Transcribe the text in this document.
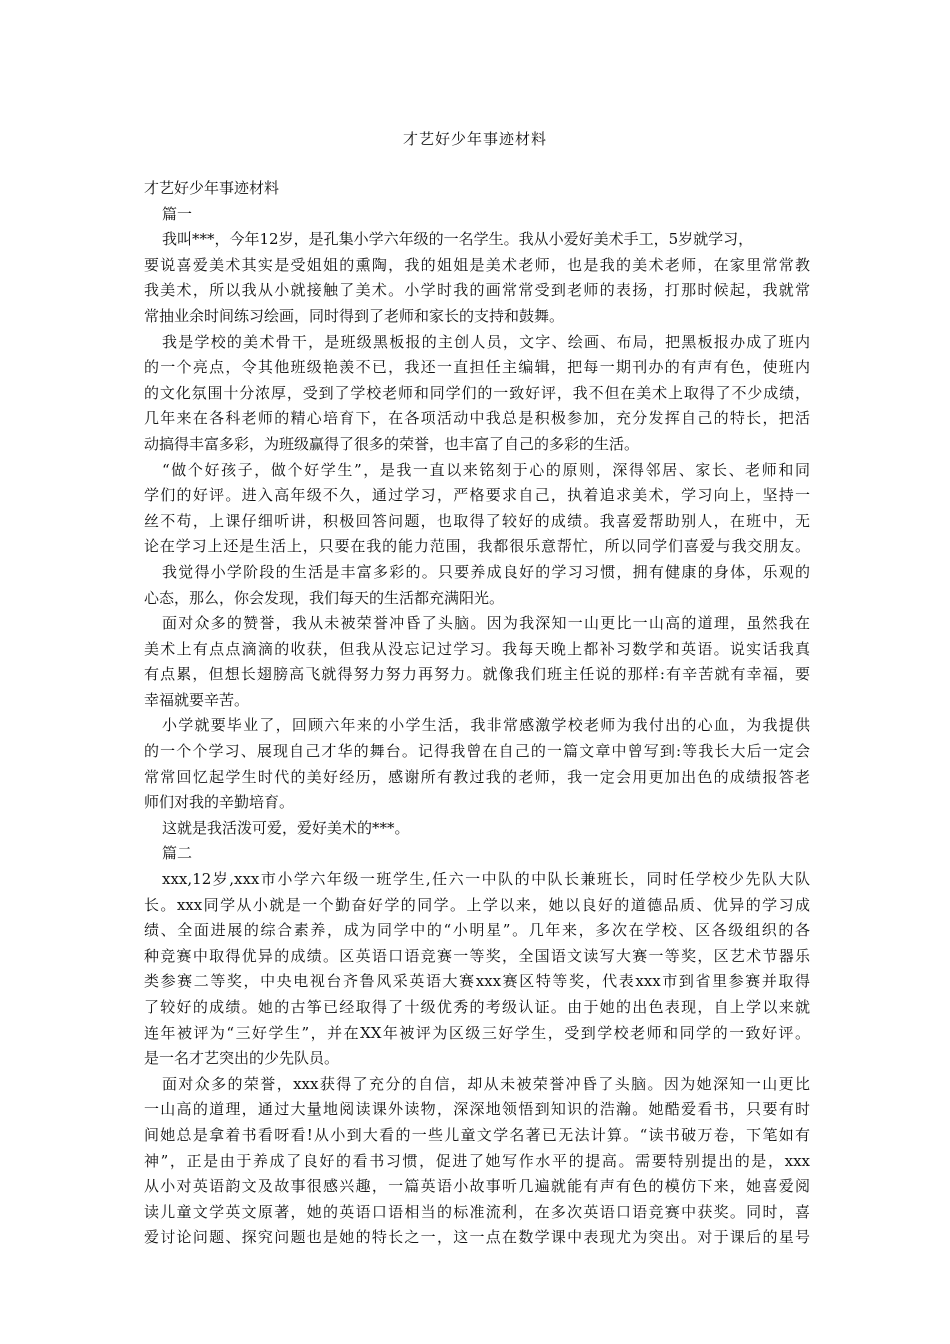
才艺好少年事迹材料
才艺好少年事迹材料
篇一
我叫***，今年12岁，是孔集小学六年级的一名学生。我从小爱好美术手工，5岁就学习，
要说喜爱美术其实是受姐姐的熏陶，我的姐姐是美术老师，也是我的美术老师，在家里常常教
我美术，所以我从小就接触了美术。小学时我的画常常受到老师的表扬，打那时候起，我就常
常抽业余时间练习绘画，同时得到了老师和家长的支持和鼓舞。
我是学校的美术骨干，是班级黑板报的主创人员，文字、绘画、布局，把黑板报办成了班内
的一个亮点，令其他班级艳羡不已，我还一直担任主编辑，把每一期刊办的有声有色，使班内
的文化氛围十分浓厚，受到了学校老师和同学们的一致好评，我不但在美术上取得了不少成绩，
几年来在各科老师的精心培育下，在各项活动中我总是积极参加，充分发挥自己的特长，把活
动搞得丰富多彩，为班级赢得了很多的荣誉，也丰富了自己的多彩的生活。
“做个好孩子，做个好学生”，是我一直以来铭刻于心的原则，深得邻居、家长、老师和同
学们的好评。进入高年级不久，通过学习，严格要求自己，执着追求美术，学习向上，坚持一
丝不苟，上课仔细听讲，积极回答问题，也取得了较好的成绩。我喜爱帮助别人，在班中，无
论在学习上还是生活上，只要在我的能力范围，我都很乐意帮忙，所以同学们喜爱与我交朋友。
我觉得小学阶段的生活是丰富多彩的。只要养成良好的学习习惯，拥有健康的身体，乐观的
心态，那么，你会发现，我们每天的生活都充满阳光。
面对众多的赞誉，我从未被荣誉冲昏了头脑。因为我深知一山更比一山高的道理，虽然我在
美术上有点点滴滴的收获，但我从没忘记过学习。我每天晚上都补习数学和英语。说实话我真
有点累，但想长翅膀高飞就得努力努力再努力。就像我们班主任说的那样:有辛苦就有幸福，要
幸福就要辛苦。
小学就要毕业了，回顾六年来的小学生活，我非常感激学校老师为我付出的心血，为我提供
的一个个学习、展现自己才华的舞台。记得我曾在自己的一篇文章中曾写到:等我长大后一定会
常常回忆起学生时代的美好经历，感谢所有教过我的老师，我一定会用更加出色的成绩报答老
师们对我的辛勤培育。
这就是我活泼可爱，爱好美术的***。
篇二
xxx,12岁,xxx市小学六年级一班学生,任六一中队的中队长兼班长，同时任学校少先队大队
长。xxx同学从小就是一个勤奋好学的同学。上学以来，她以良好的道德品质、优异的学习成
绩、全面进展的综合素养，成为同学中的“小明星”。几年来，多次在学校、区各级组织的各
种竞赛中取得优异的成绩。区英语口语竞赛一等奖，全国语文读写大赛一等奖，区艺术节器乐
类参赛二等奖，中央电视台齐鲁风采英语大赛xxx赛区特等奖，代表xxx市到省里参赛并取得
了较好的成绩。她的古筝已经取得了十级优秀的考级认证。由于她的出色表现，自上学以来就
连年被评为“三好学生”，并在XX年被评为区级三好学生，受到学校老师和同学的一致好评。
是一名才艺突出的少先队员。
面对众多的荣誉，xxx获得了充分的自信，却从未被荣誉冲昏了头脑。因为她深知一山更比
一山高的道理，通过大量地阅读课外读物，深深地领悟到知识的浩瀚。她酷爱看书，只要有时
间她总是拿着书看呀看!从小到大看的一些儿童文学名著已无法计算。“读书破万卷，下笔如有
神”，正是由于养成了良好的看书习惯，促进了她写作水平的提高。需要特别提出的是，xxx
从小对英语韵文及故事很感兴趣，一篇英语小故事听几遍就能有声有色的模仿下来，她喜爱阅
读儿童文学英文原著，她的英语口语相当的标准流利，在多次英语口语竞赛中获奖。同时，喜
爱讨论问题、探究问题也是她的特长之一，这一点在数学课中表现尤为突出。对于课后的星号
